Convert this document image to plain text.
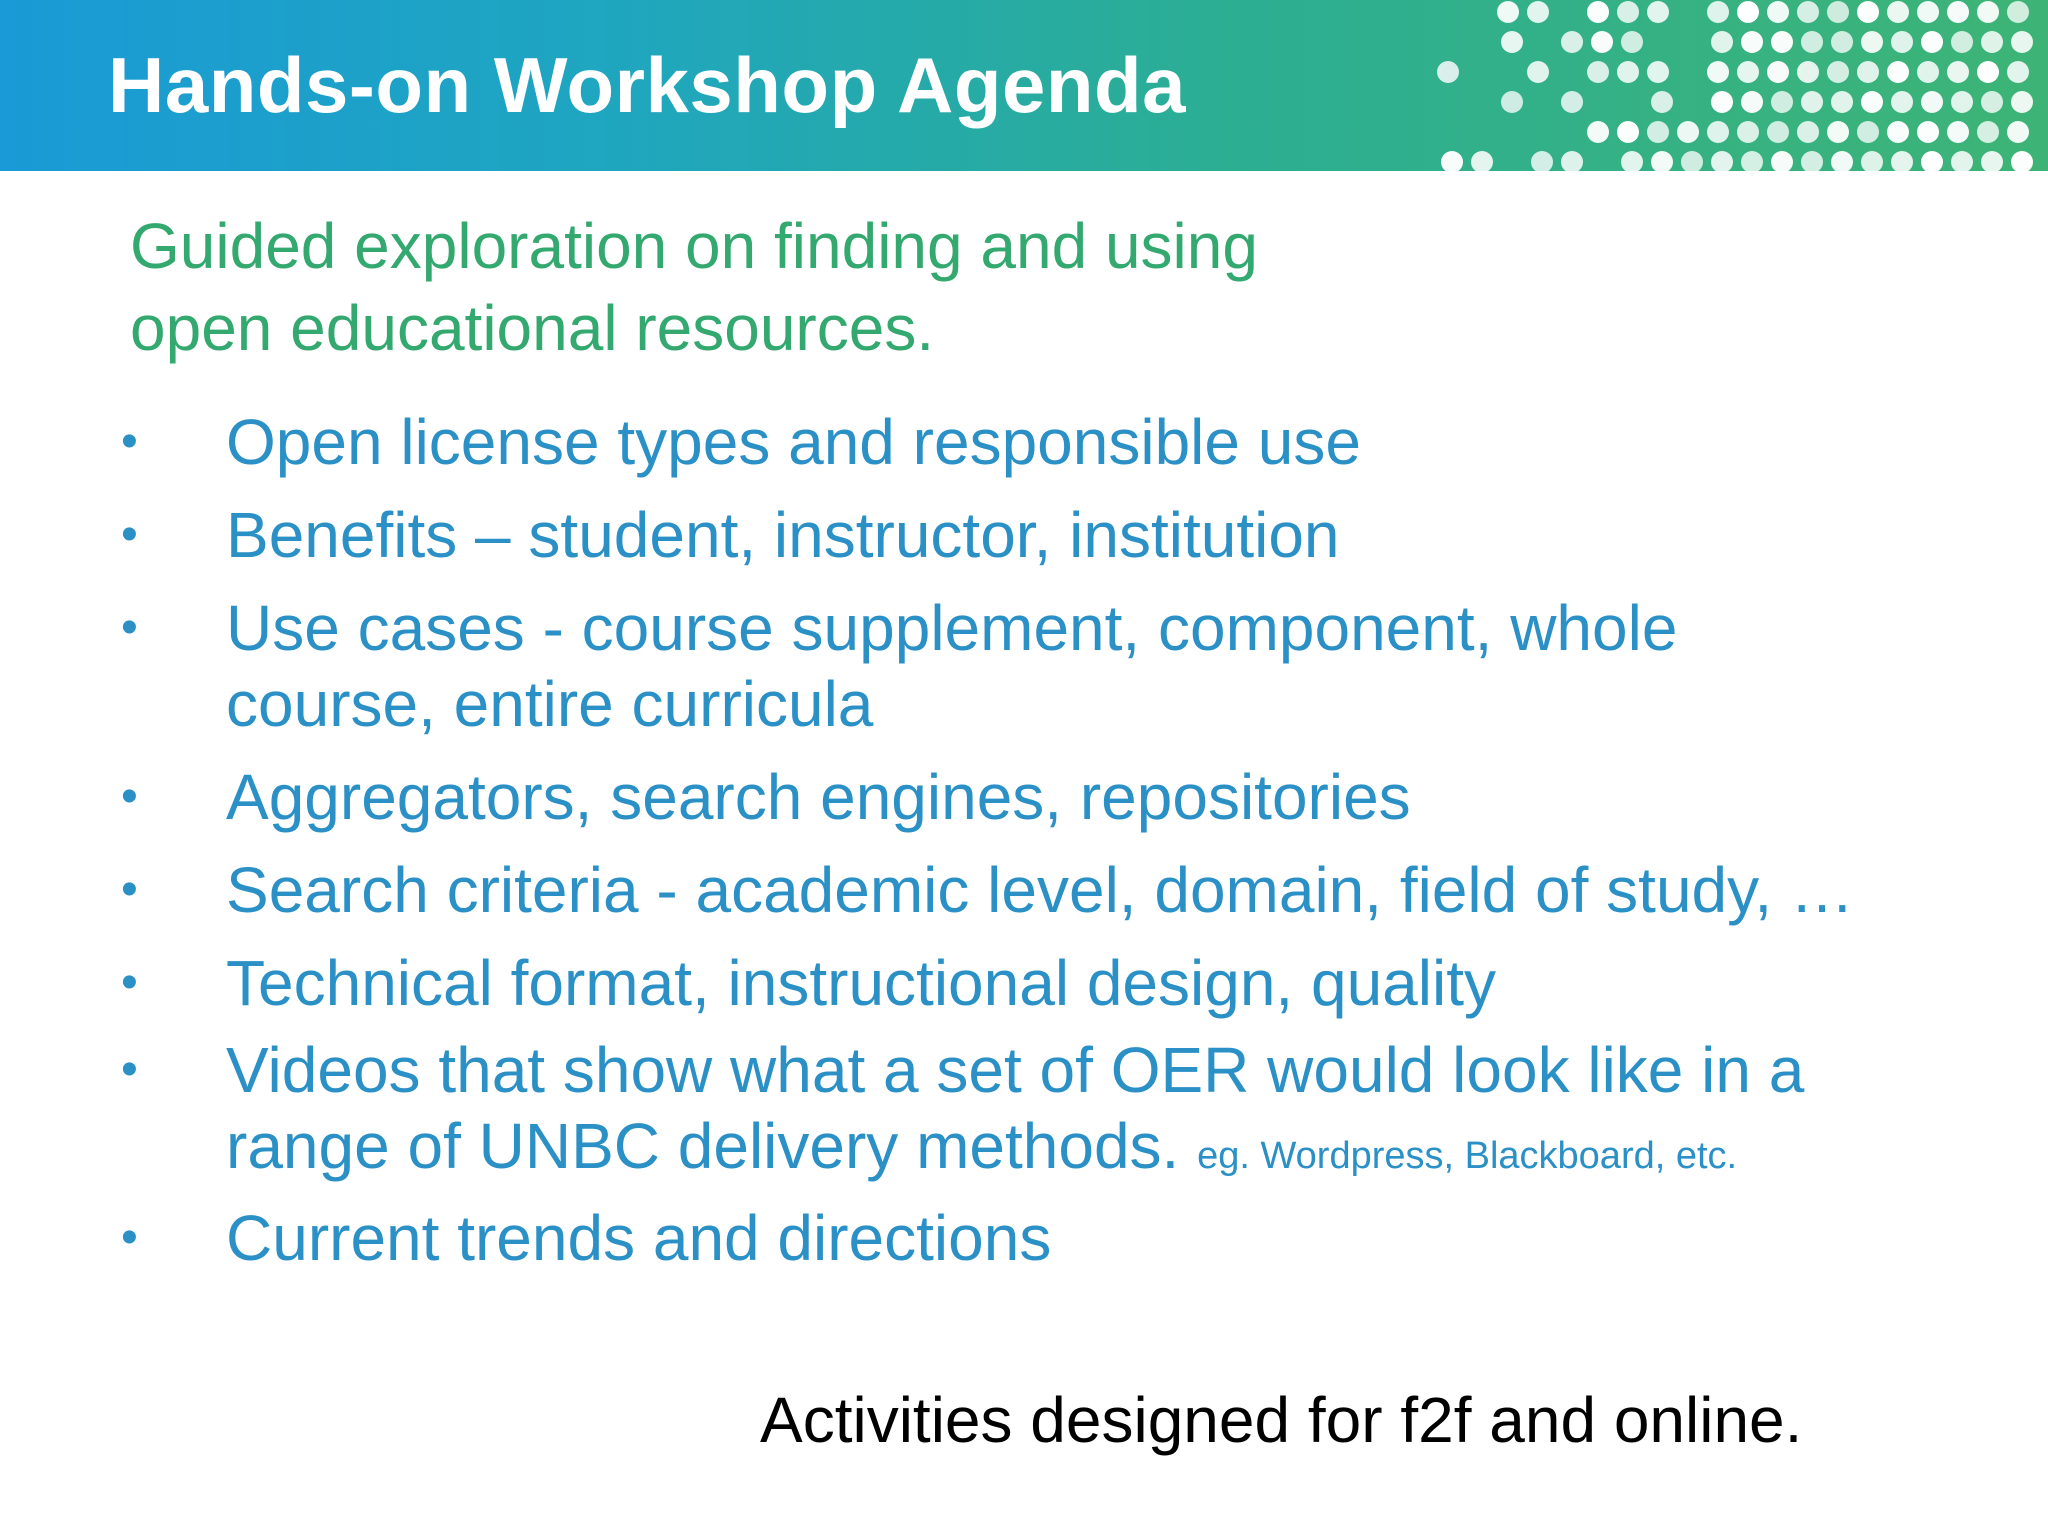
Hands-on Workshop Agenda

Guided exploration on finding and using
open educational resources.

• Open license types and responsible use
• Benefits – student, instructor, institution
• Use cases - course supplement, component, whole
course, entire curricula
• Aggregators, search engines, repositories
• Search criteria - academic level, domain, field of study, …
• Technical format, instructional design, quality
• Videos that show what a set of OER would look like in a
range of UNBC delivery methods. eg. Wordpress, Blackboard, etc.
• Current trends and directions

Activities designed for f2f and online.
